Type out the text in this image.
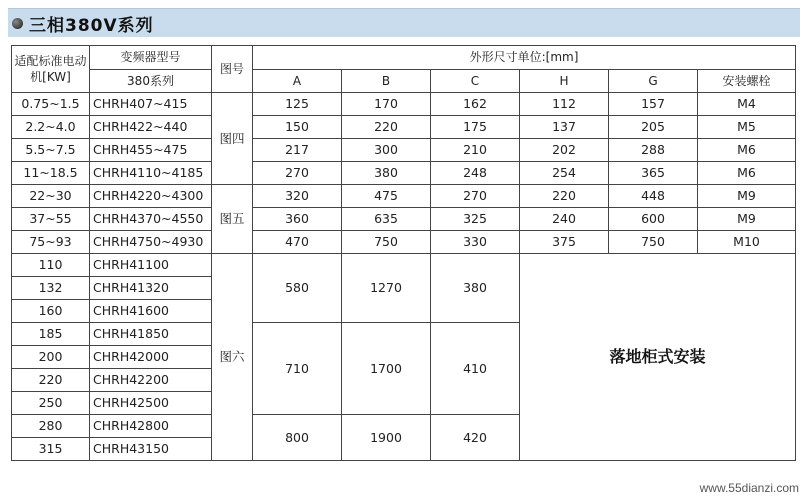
三相380V系列
适配标准电动机[KW]	变频器型号	图号	外形尺寸单位:[mm]					
	380系列		A	B	C	H	G	安装螺栓
0.75~1.5	CHRH407~415	图四	125	170	162	112	157	M4
2.2~4.0	CHRH422~440		150	220	175	137	205	M5
5.5~7.5	CHRH455~475		217	300	210	202	288	M6
11~18.5	CHRH4110~4185		270	380	248	254	365	M6
22~30	CHRH4220~4300	图五	320	475	270	220	448	M9
37~55	CHRH4370~4550		360	635	325	240	600	M9
75~93	CHRH4750~4930		470	750	330	375	750	M10
110	CHRH41100	图六	580	1270	380	落地柜式安装		
132	CHRH41320							
160	CHRH41600							
185	CHRH41850		710	1700	410			
200	CHRH42000							
220	CHRH42200							
250	CHRH42500							
280	CHRH42800		800	1900	420			
315	CHRH43150							
www.55dianzi.com
